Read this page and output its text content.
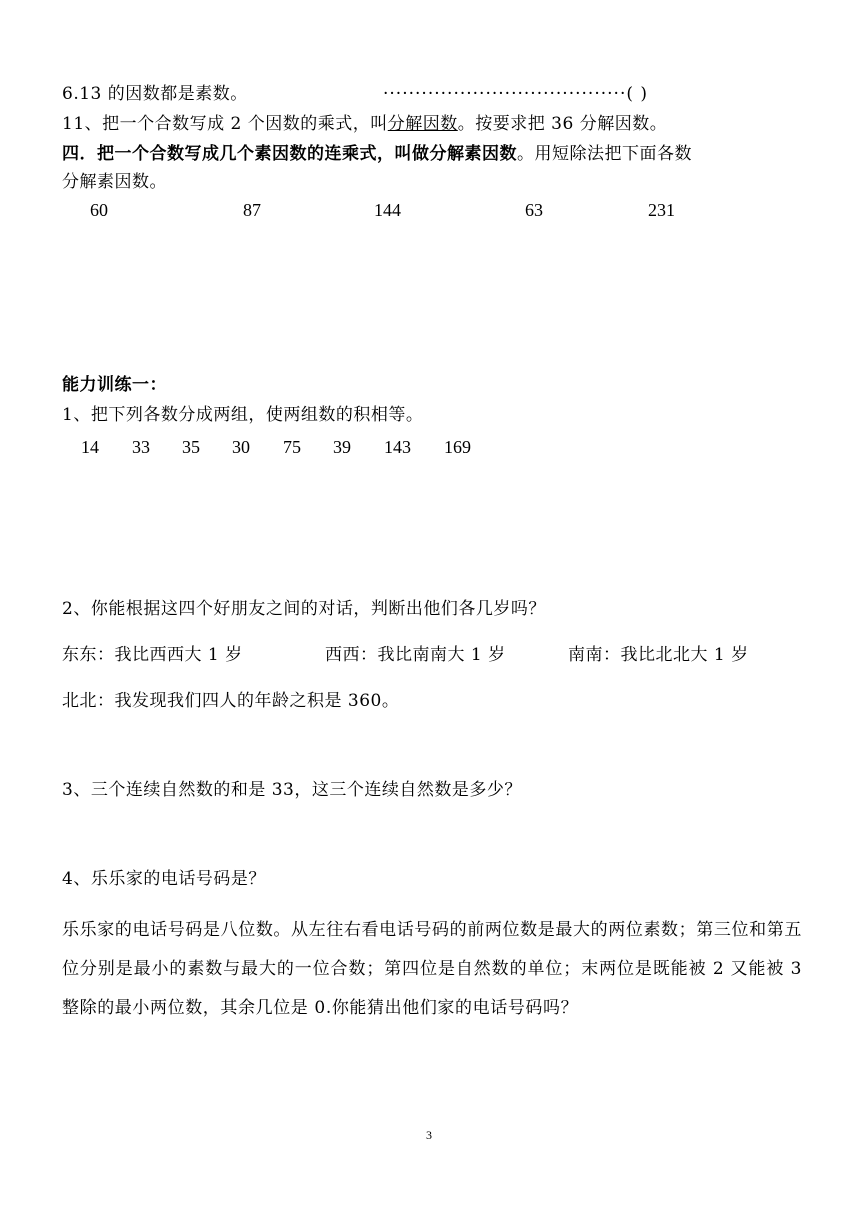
6.13 的因数都是素数。	······································( )
11、把一个合数写成 2 个因数的乘式，叫分解因数。按要求把 36 分解因数。
四．把一个合数写成几个素因数的连乘式，叫做分解素因数。用短除法把下面各数
分解素因数。
60	87	144	63	231
能力训练一：
1、把下列各数分成两组，使两组数的积相等。
14 33 35 30 75 39 143 169
2、你能根据这四个好朋友之间的对话，判断出他们各几岁吗？
东东：我比西西大 1 岁	西西：我比南南大 1 岁	南南：我比北北大 1 岁
北北：我发现我们四人的年龄之积是 360。
3、三个连续自然数的和是 33，这三个连续自然数是多少？
4、乐乐家的电话号码是？
乐乐家的电话号码是八位数。从左往右看电话号码的前两位数是最大的两位素数；第三位和第五位分别是最小的素数与最大的一位合数；第四位是自然数的单位；末两位是既能被 2 又能被 3 整除的最小两位数，其余几位是 0.你能猜出他们家的电话号码吗？
3
